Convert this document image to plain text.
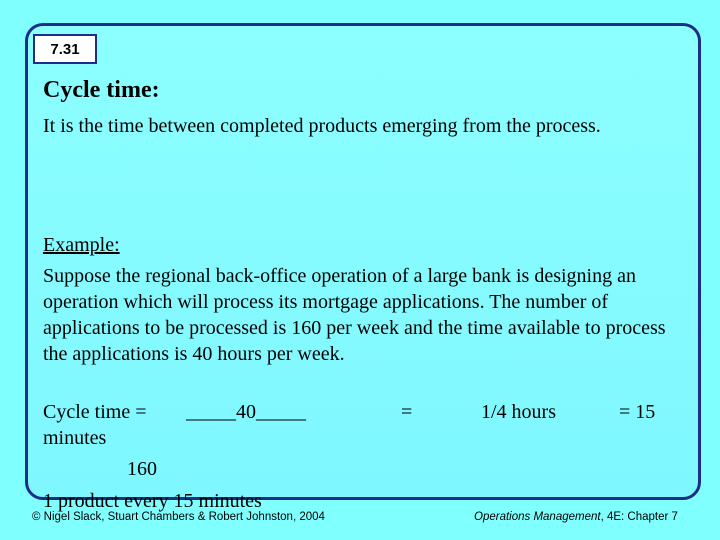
7.31
Cycle time:
It is the time between completed products emerging from the process.
Example:
Suppose the regional back-office operation of a large bank is designing an operation which will process its mortgage applications. The number of applications to be processed is 160 per week and the time available to process the applications is 40 hours per week.
Cycle time = _____40_____	=	1/4 hours	= 15
minutes
160
1 product every 15 minutes
© Nigel Slack, Stuart Chambers & Robert Johnston, 2004	Operations Management, 4E: Chapter 7
